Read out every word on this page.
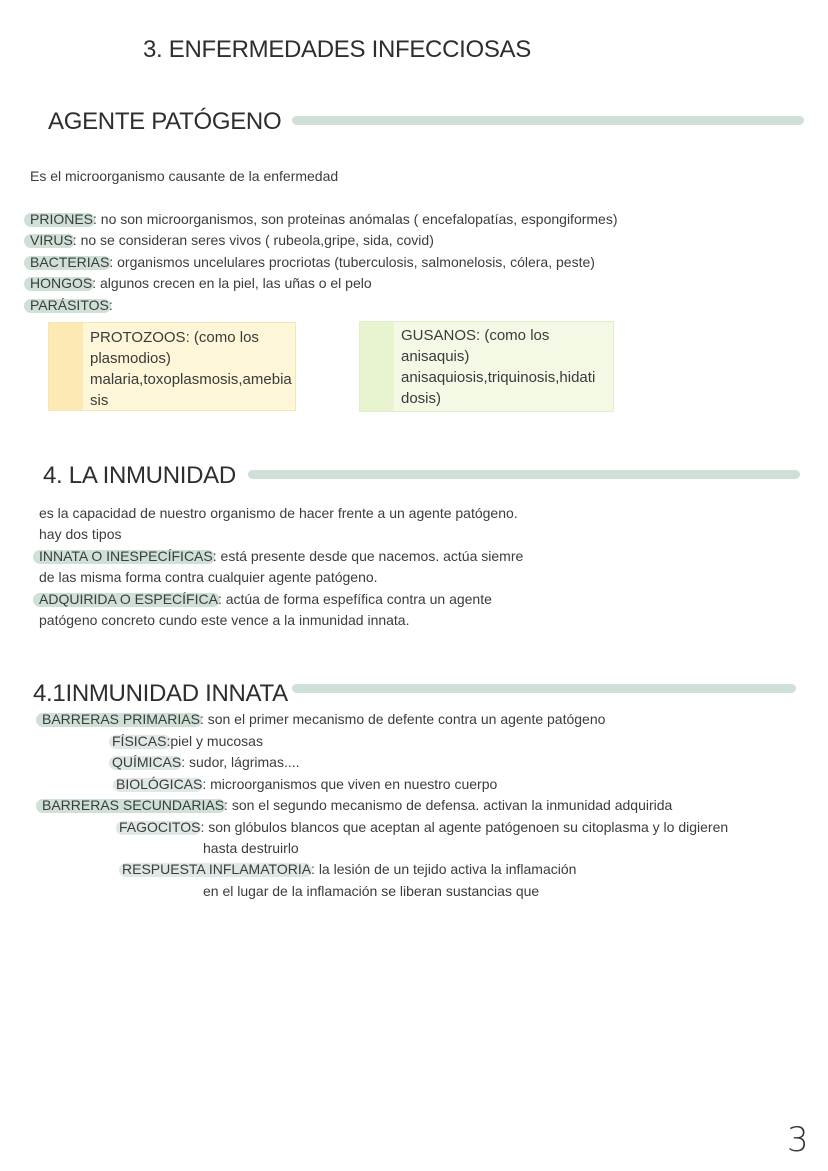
3. ENFERMEDADES INFECCIOSAS
AGENTE PATÓGENO
Es el microorganismo causante de la enfermedad
PRIONES: no son microorganismos, son proteinas anómalas ( encefalopatías, espongiformes)
VIRUS: no se consideran seres vivos ( rubeola,gripe, sida, covid)
BACTERIAS: organismos uncelulares procriotas (tuberculosis, salmonelosis, cólera, peste)
HONGOS: algunos crecen en la piel, las uñas o el pelo
PARÁSITOS:
PROTOZOOS: (como los
plasmodios)
malaria,toxoplasmosis,amebia
sis
GUSANOS: (como los
anisaquis)
anisaquiosis,triquinosis,hidati
dosis)
4. LA INMUNIDAD
es la capacidad de nuestro organismo de hacer frente a un agente patógeno.
hay dos tipos
INNATA O INESPECÍFICAS: está presente desde que nacemos. actúa siemre
de las misma forma contra cualquier agente patógeno.
ADQUIRIDA O ESPECÍFICA: actúa de forma espefífica contra un agente
patógeno concreto cundo este vence a la inmunidad innata.
4.1INMUNIDAD INNATA
BARRERAS PRIMARIAS: son el primer mecanismo de defente contra un agente patógeno
FÍSICAS:piel y mucosas
QUÍMICAS: sudor, lágrimas....
BIOLÓGICAS: microorganismos que viven en nuestro cuerpo
BARRERAS SECUNDARIAS: son el segundo mecanismo de defensa. activan la inmunidad adquirida
FAGOCITOS: son glóbulos blancos que aceptan al agente patógenoen su citoplasma y lo digieren
hasta destruirlo
RESPUESTA INFLAMATORIA: la lesión de un tejido activa la inflamación
en el lugar de la inflamación se liberan sustancias que
3
